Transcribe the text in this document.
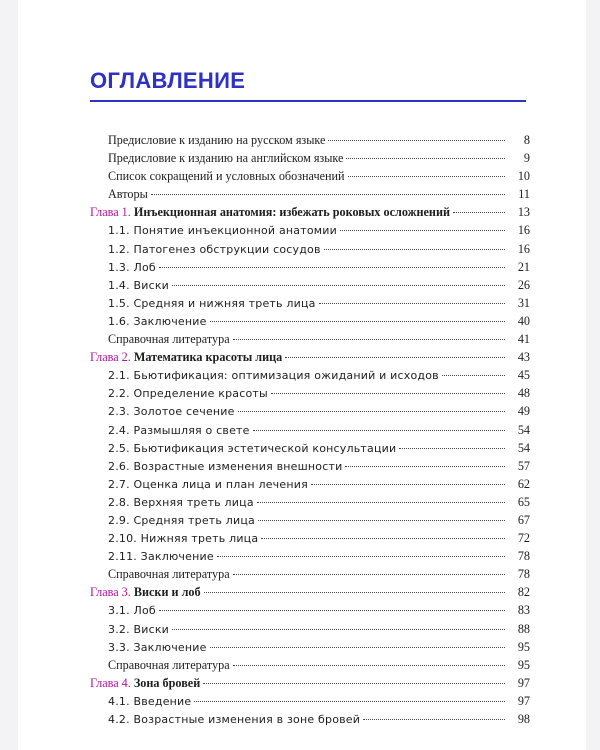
ОГЛАВЛЕНИЕ
Предисловие к изданию на русском языке	8
Предисловие к изданию на английском языке	9
Список сокращений и условных обозначений	10
Авторы	11
Глава 1. Инъекционная анатомия: избежать роковых осложнений	13
1.1. Понятие инъекционной анатомии	16
1.2. Патогенез обструкции сосудов	16
1.3. Лоб	21
1.4. Виски	26
1.5. Средняя и нижняя треть лица	31
1.6. Заключение	40
Справочная литература	41
Глава 2. Математика красоты лица	43
2.1. Бьютификация: оптимизация ожиданий и исходов	45
2.2. Определение красоты	48
2.3. Золотое сечение	49
2.4. Размышляя о свете	54
2.5. Бьютификация эстетической консультации	54
2.6. Возрастные изменения внешности	57
2.7. Оценка лица и план лечения	62
2.8. Верхняя треть лица	65
2.9. Средняя треть лица	67
2.10. Нижняя треть лица	72
2.11. Заключение	78
Справочная литература	78
Глава 3. Виски и лоб	82
3.1. Лоб	83
3.2. Виски	88
3.3. Заключение	95
Справочная литература	95
Глава 4. Зона бровей	97
4.1. Введение	97
4.2. Возрастные изменения в зоне бровей	98
